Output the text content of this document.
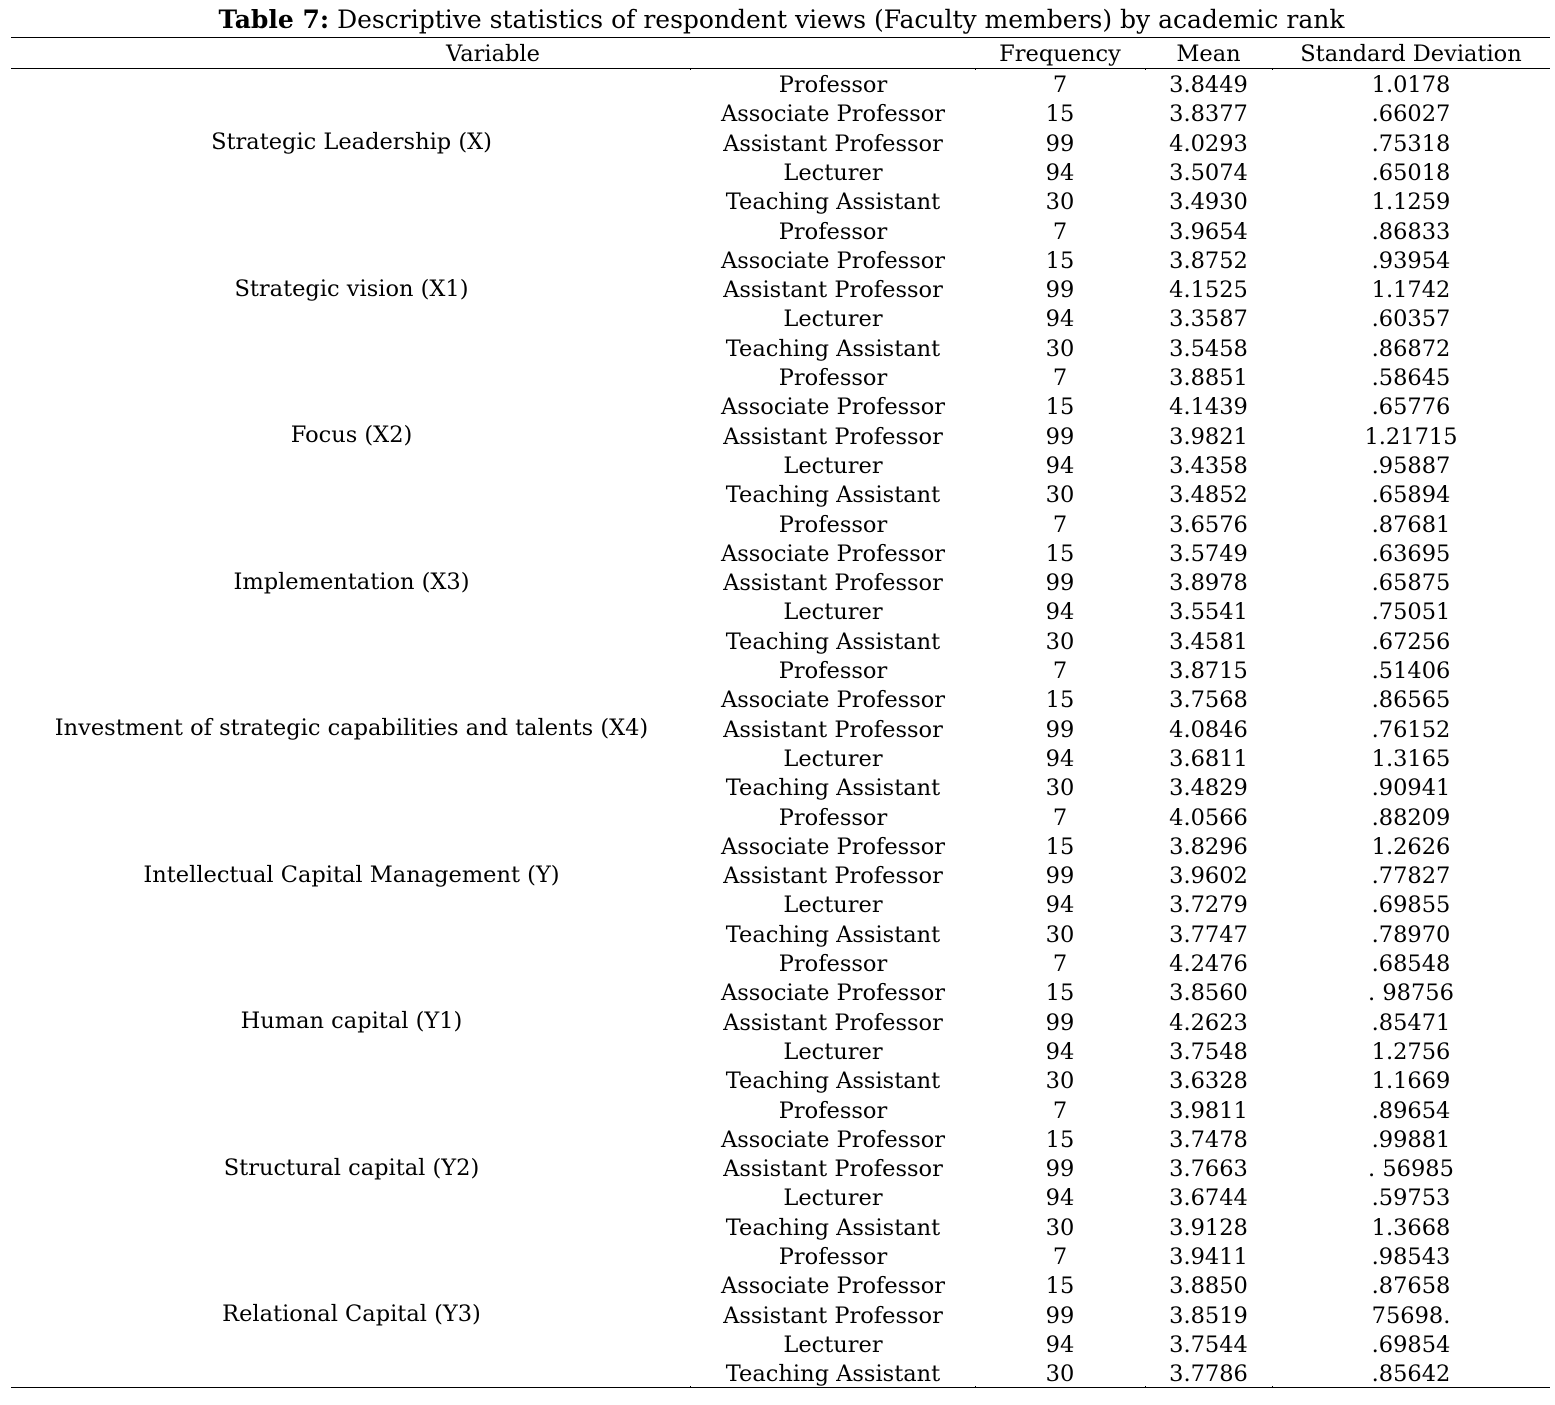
Table 7: Descriptive statistics of respondent views (Faculty members) by academic rank
Variable	Frequency	Mean	Standard Deviation
Strategic Leadership (X)
Professor	7	3.8449	1.0178
Associate Professor	15	3.8377	.66027
Assistant Professor	99	4.0293	.75318
Lecturer	94	3.5074	.65018
Teaching Assistant	30	3.4930	1.1259
Strategic vision (X1)
Professor	7	3.9654	.86833
Associate Professor	15	3.8752	.93954
Assistant Professor	99	4.1525	1.1742
Lecturer	94	3.3587	.60357
Teaching Assistant	30	3.5458	.86872
Focus (X2)
Professor	7	3.8851	.58645
Associate Professor	15	4.1439	.65776
Assistant Professor	99	3.9821	1.21715
Lecturer	94	3.4358	.95887
Teaching Assistant	30	3.4852	.65894
Implementation (X3)
Professor	7	3.6576	.87681
Associate Professor	15	3.5749	.63695
Assistant Professor	99	3.8978	.65875
Lecturer	94	3.5541	.75051
Teaching Assistant	30	3.4581	.67256
Investment of strategic capabilities and talents (X4)
Professor	7	3.8715	.51406
Associate Professor	15	3.7568	.86565
Assistant Professor	99	4.0846	.76152
Lecturer	94	3.6811	1.3165
Teaching Assistant	30	3.4829	.90941
Intellectual Capital Management (Y)
Professor	7	4.0566	.88209
Associate Professor	15	3.8296	1.2626
Assistant Professor	99	3.9602	.77827
Lecturer	94	3.7279	.69855
Teaching Assistant	30	3.7747	.78970
Human capital (Y1)
Professor	7	4.2476	.68548
Associate Professor	15	3.8560	. 98756
Assistant Professor	99	4.2623	.85471
Lecturer	94	3.7548	1.2756
Teaching Assistant	30	3.6328	1.1669
Structural capital (Y2)
Professor	7	3.9811	.89654
Associate Professor	15	3.7478	.99881
Assistant Professor	99	3.7663	. 56985
Lecturer	94	3.6744	.59753
Teaching Assistant	30	3.9128	1.3668
Relational Capital (Y3)
Professor	7	3.9411	.98543
Associate Professor	15	3.8850	.87658
Assistant Professor	99	3.8519	75698.
Lecturer	94	3.7544	.69854
Teaching Assistant	30	3.7786	.85642
